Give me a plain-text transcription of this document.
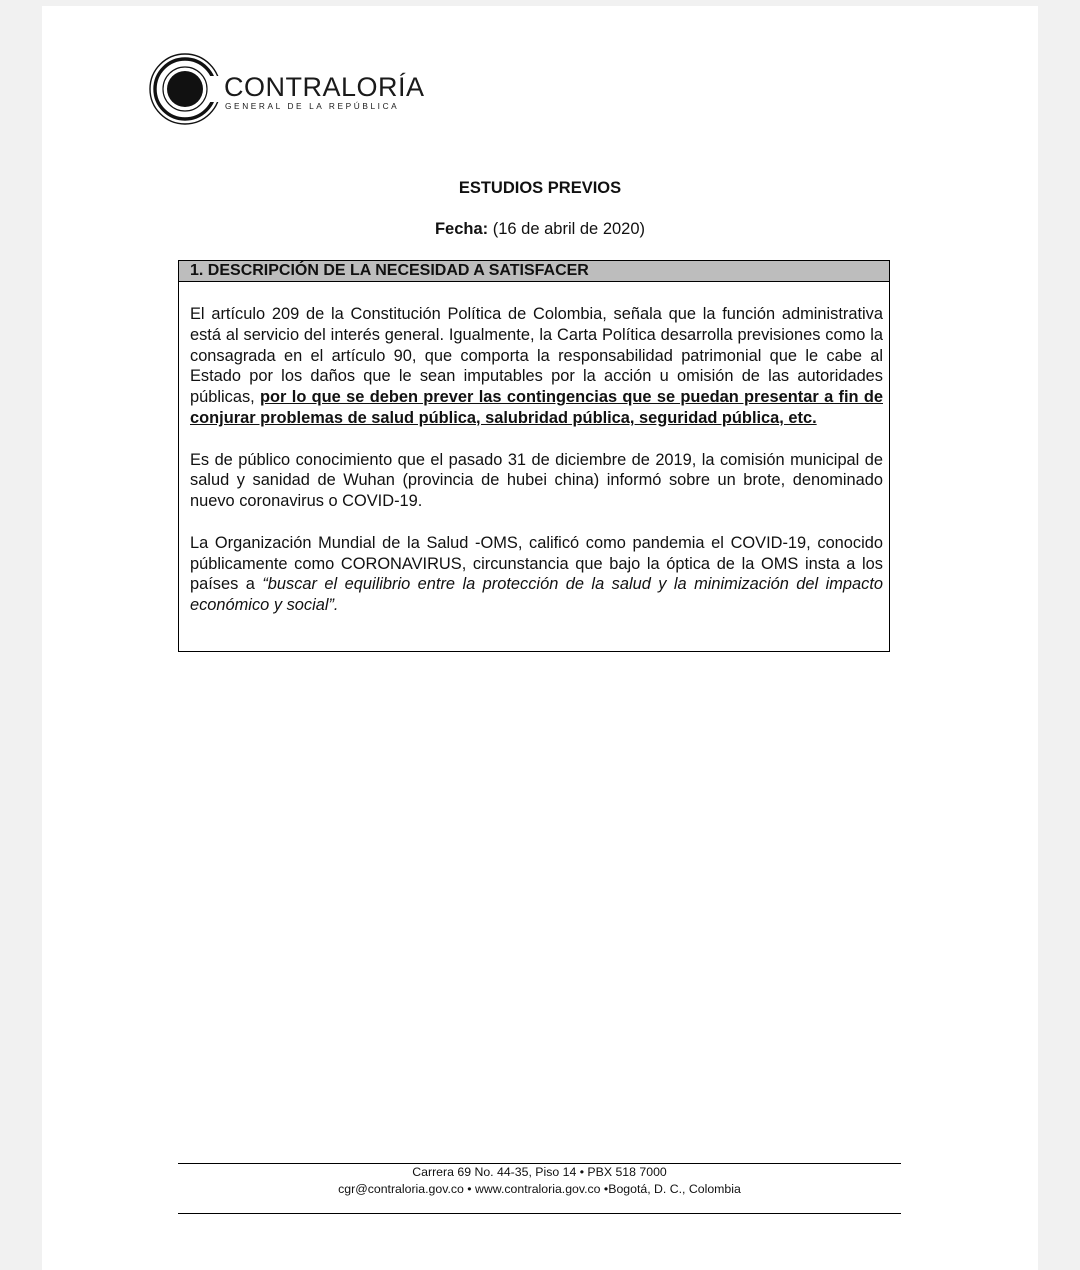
CONTRALORÍA
GENERAL DE LA REPÚBLICA
ESTUDIOS PREVIOS
Fecha: (16 de abril de 2020)
1. DESCRIPCIÓN DE LA NECESIDAD A SATISFACER

El artículo 209 de la Constitución Política de Colombia, señala que la función administrativa está al servicio del interés general. Igualmente, la Carta Política desarrolla previsiones como la consagrada en el artículo 90, que comporta la responsabilidad patrimonial que le cabe al Estado por los daños que le sean imputables por la acción u omisión de las autoridades públicas, por lo que se deben prever las contingencias que se puedan presentar a fin de conjurar problemas de salud pública, salubridad pública, seguridad pública, etc.

Es de público conocimiento que el pasado 31 de diciembre de 2019, la comisión municipal de salud y sanidad de Wuhan (provincia de hubei china) informó sobre un brote, denominado nuevo coronavirus o COVID-19.

La Organización Mundial de la Salud -OMS, calificó como pandemia el COVID-19, conocido públicamente como CORONAVIRUS, circunstancia que bajo la óptica de la OMS insta a los países a “buscar el equilibrio entre la protección de la salud y la minimización del impacto económico y social”.

Carrera 69 No. 44-35, Piso 14 • PBX 518 7000
cgr@contraloria.gov.co • www.contraloria.gov.co •Bogotá, D. C., Colombia
